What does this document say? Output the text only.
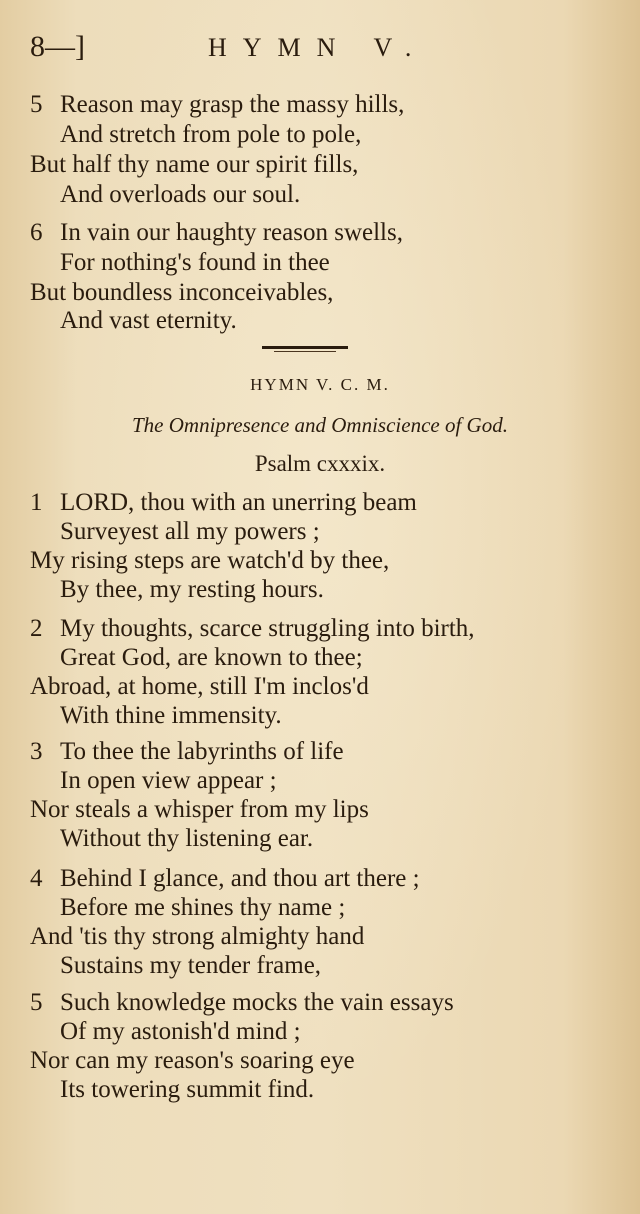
8—]	HYMN V.
5 Reason may grasp the massy hills,
And stretch from pole to pole,
But half thy name our spirit fills,
And overloads our soul.
6 In vain our haughty reason swells,
For nothing's found in thee
But boundless inconceivables,
And vast eternity.
HYMN V. C. M.
The Omnipresence and Omniscience of God.
Psalm cxxxix.
1 LORD, thou with an unerring beam
Surveyest all my powers ;
My rising steps are watch'd by thee,
By thee, my resting hours.
2 My thoughts, scarce struggling into birth,
Great God, are known to thee;
Abroad, at home, still I'm inclos'd
With thine immensity.
3 To thee the labyrinths of life
In open view appear ;
Nor steals a whisper from my lips
Without thy listening ear.
4 Behind I glance, and thou art there ;
Before me shines thy name ;
And 'tis thy strong almighty hand
Sustains my tender frame,
5 Such knowledge mocks the vain essays
Of my astonish'd mind ;
Nor can my reason's soaring eye
Its towering summit find.
